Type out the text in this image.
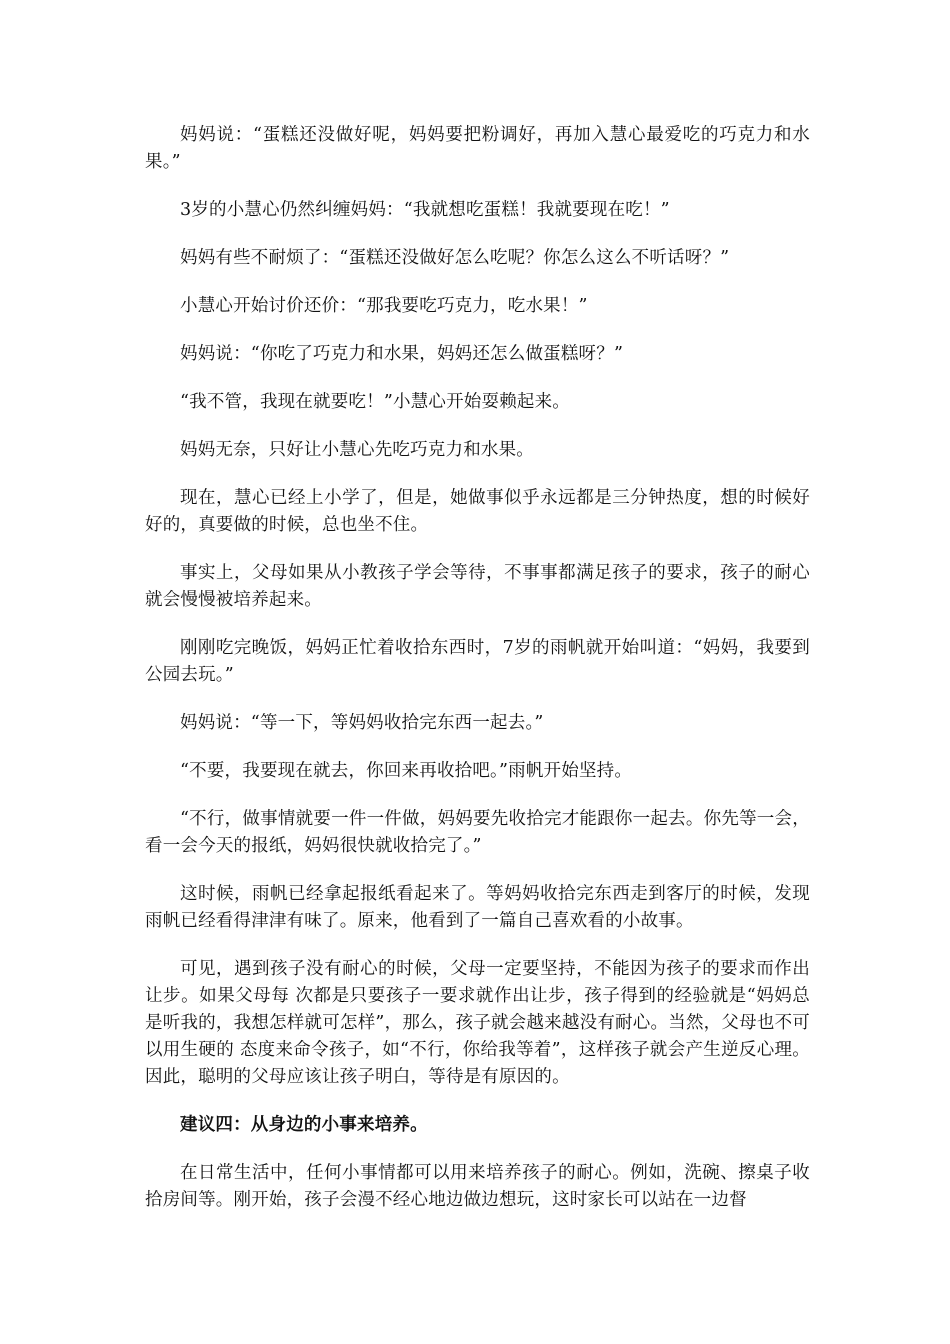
妈妈说：“蛋糕还没做好呢，妈妈要把粉调好，再加入慧心最爱吃的巧克力和水果。”

3岁的小慧心仍然纠缠妈妈：“我就想吃蛋糕！我就要现在吃！”

妈妈有些不耐烦了：“蛋糕还没做好怎么吃呢？你怎么这么不听话呀？”

小慧心开始讨价还价：“那我要吃巧克力，吃水果！”

妈妈说：“你吃了巧克力和水果，妈妈还怎么做蛋糕呀？”

“我不管，我现在就要吃！”小慧心开始耍赖起来。

妈妈无奈，只好让小慧心先吃巧克力和水果。

现在，慧心已经上小学了，但是，她做事似乎永远都是三分钟热度，想的时候好好的，真要做的时候，总也坐不住。

事实上，父母如果从小教孩子学会等待，不事事都满足孩子的要求，孩子的耐心就会慢慢被培养起来。

刚刚吃完晚饭，妈妈正忙着收拾东西时，7岁的雨帆就开始叫道：“妈妈，我要到公园去玩。”

妈妈说：“等一下，等妈妈收拾完东西一起去。”

“不要，我要现在就去，你回来再收拾吧。”雨帆开始坚持。

“不行，做事情就要一件一件做，妈妈要先收拾完才能跟你一起去。你先等一会，看一会今天的报纸，妈妈很快就收拾完了。”

这时候，雨帆已经拿起报纸看起来了。等妈妈收拾完东西走到客厅的时候，发现雨帆已经看得津津有味了。原来，他看到了一篇自己喜欢看的小故事。

可见，遇到孩子没有耐心的时候，父母一定要坚持，不能因为孩子的要求而作出让步。如果父母每 次都是只要孩子一要求就作出让步，孩子得到的经验就是“妈妈总是听我的，我想怎样就可怎样”，那么，孩子就会越来越没有耐心。当然，父母也不可以用生硬的 态度来命令孩子，如“不行，你给我等着”，这样孩子就会产生逆反心理。因此，聪明的父母应该让孩子明白，等待是有原因的。

建议四：从身边的小事来培养。

在日常生活中，任何小事情都可以用来培养孩子的耐心。例如，洗碗、擦桌子收拾房间等。刚开始，孩子会漫不经心地边做边想玩，这时家长可以站在一边督
